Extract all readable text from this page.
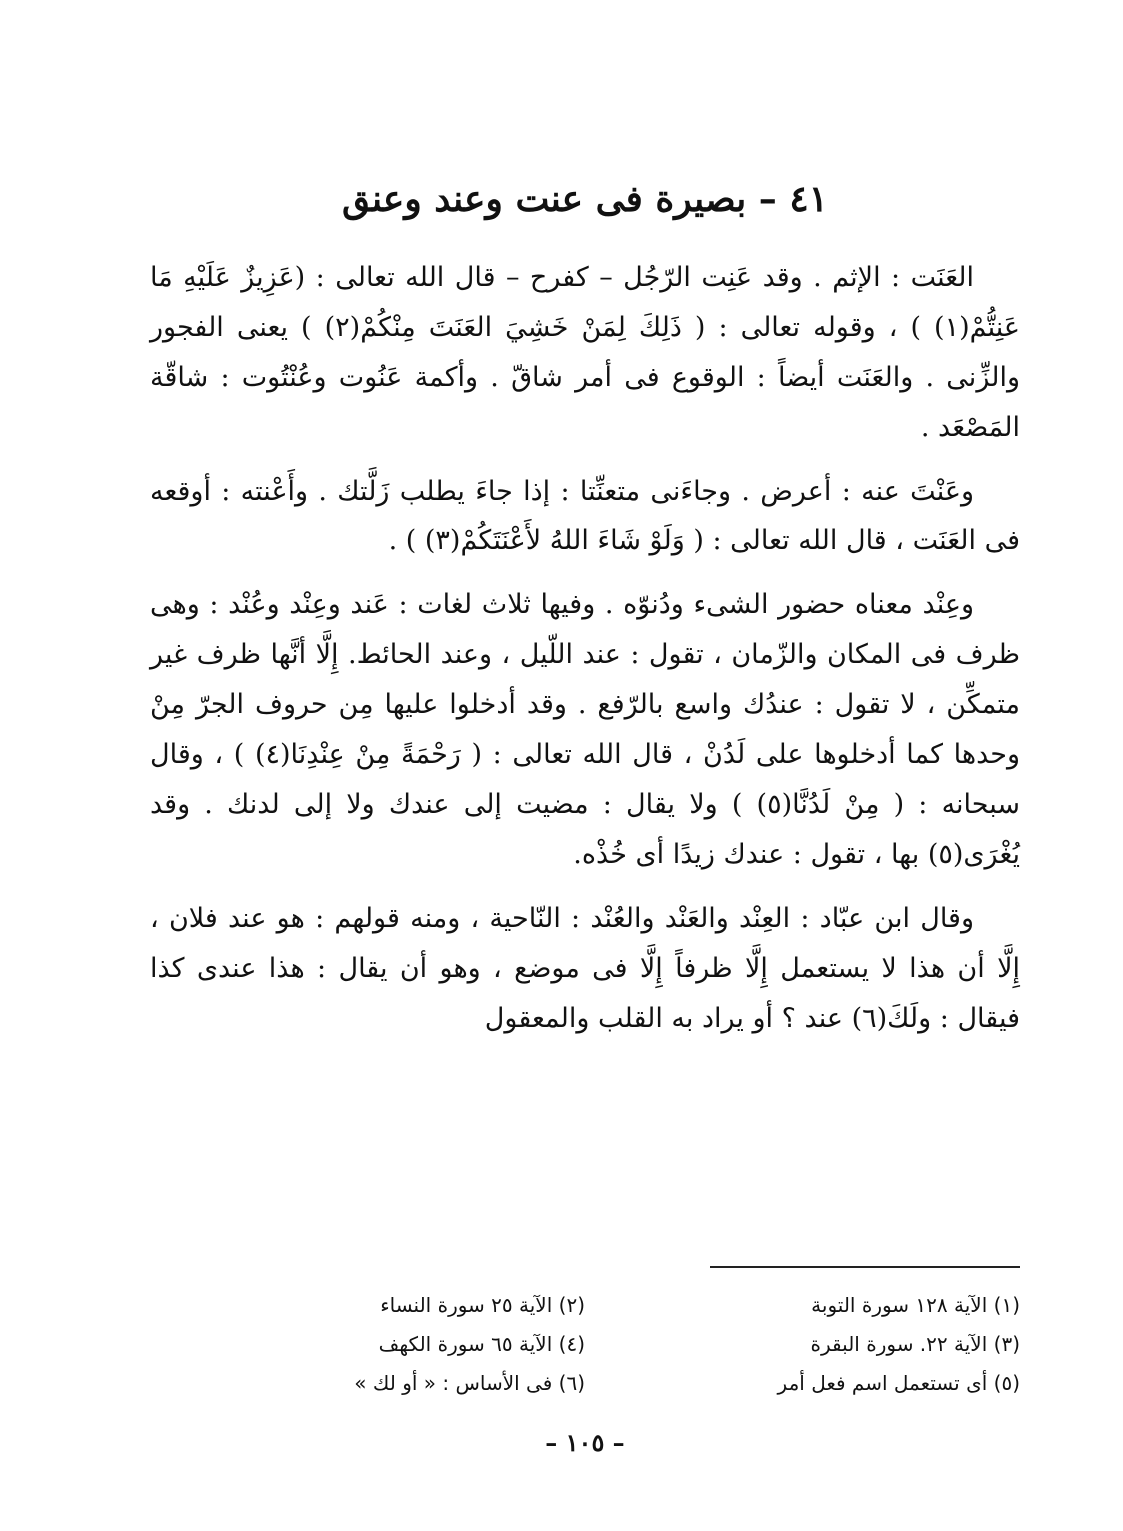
٤١ – بصيرة فى عنت وعند وعنق

العَنَت : الإثم . وقد عَنِت الرّجُل – كفرح – قال الله تعالى : (عَزِيزٌ عَلَيْهِ مَا عَنِتُّمْ(١) ) ، وقوله تعالى : ( ذَلِكَ لِمَنْ خَشِيَ العَنَتَ مِنْكُمْ(٢) ) يعنى الفجور والزِّنى . والعَنَت أيضاً : الوقوع فى أمر شاقّ . وأكمة عَنُوت وعُنْتُوت : شاقّة المَصْعَد .

وعَنْتَ عنه : أعرض . وجاءَنى متعنِّتا : إذا جاءَ يطلب زَلَّتك . وأَعْنته : أوقعه فى العَنَت ، قال الله تعالى : ( وَلَوْ شَاءَ اللهُ لأَعْنَتَكُمْ(٣) ) .

وعِنْد معناه حضور الشىء ودُنوّه . وفيها ثلاث لغات : عَند وعِنْد وعُنْد : وهى ظرف فى المكان والزّمان ، تقول : عند اللّيل ، وعند الحائط. إِلَّا أنَّها ظرف غير متمكِّن ، لا تقول : عندُك واسع بالرّفع . وقد أدخلوا عليها مِن حروف الجرّ مِنْ وحدها كما أدخلوها على لَدُنْ ، قال الله تعالى : ( رَحْمَةً مِنْ عِنْدِنَا(٤) ) ، وقال سبحانه : ( مِنْ لَدُنَّا(٥) ) ولا يقال : مضيت إلى عندك ولا إلى لدنك . وقد يُغْرَى(٥) بها ، تقول : عندك زيدًا أى خُذْه.

وقال ابن عبّاد : العِنْد والعَنْد والعُنْد : النّاحية ، ومنه قولهم : هو عند فلان ، إِلَّا أن هذا لا يستعمل إِلَّا ظرفاً إِلَّا فى موضع ، وهو أن يقال : هذا عندى كذا فيقال : ولَكَ(٦) عند ؟ أو يراد به القلب والمعقول

(١) الآية ١٢٨ سورة التوبة
(٢) الآية ٢٥ سورة النساء
(٣) الآية ٢٢. سورة البقرة
(٤) الآية ٦٥ سورة الكهف
(٥) أى تستعمل اسم فعل أمر
(٦) فى الأساس : « أو لك »
– ١٠٥ –
